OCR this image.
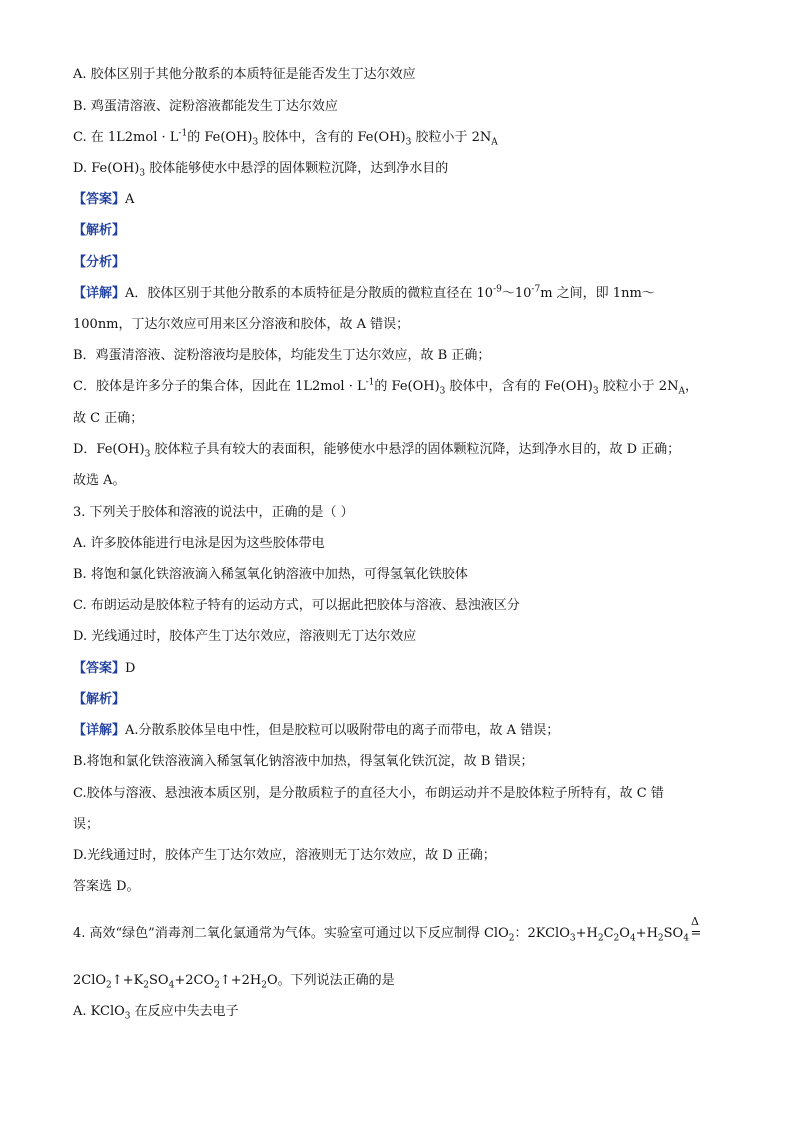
A. 胶体区别于其他分散系的本质特征是能否发生丁达尔效应
B. 鸡蛋清溶液、淀粉溶液都能发生丁达尔效应
C. 在 $1L2mol \cdot L^{-1}$的 $Fe(OH)_3$ 胶体中，含有的 $Fe(OH)_3$ 胶粒小于 $2N_A$
D. $Fe(OH)_3$ 胶体能够使水中悬浮的固体颗粒沉降，达到净水目的
【答案】A
【解析】
【分析】
【详解】A．胶体区别于其他分散系的本质特征是分散质的微粒直径在 $10^{-9}\sim 10^{-7}m$ 之间，即 1nm～
100nm，丁达尔效应可用来区分溶液和胶体，故 A 错误；
B．鸡蛋清溶液、淀粉溶液均是胶体，均能发生丁达尔效应，故 B 正确；
C．胶体是许多分子的集合体，因此在 $1L2mol \cdot L^{-1}$的 $Fe(OH)_3$ 胶体中，含有的 $Fe(OH)_3$ 胶粒小于 $2N_A$，
故 C 正确；
D．$Fe(OH)_3$ 胶体粒子具有较大的表面积，能够使水中悬浮的固体颗粒沉降，达到净水目的，故 D 正确；
故选 A。
3. 下列关于胶体和溶液的说法中，正确的是（ ）
A. 许多胶体能进行电泳是因为这些胶体带电
B. 将饱和氯化铁溶液滴入稀氢氧化钠溶液中加热，可得氢氧化铁胶体
C. 布朗运动是胶体粒子特有的运动方式，可以据此把胶体与溶液、悬浊液区分
D. 光线通过时，胶体产生丁达尔效应，溶液则无丁达尔效应
【答案】D
【解析】
【详解】A.分散系胶体呈电中性，但是胶粒可以吸附带电的离子而带电，故 A 错误；
B.将饱和氯化铁溶液滴入稀氢氧化钠溶液中加热，得氢氧化铁沉淀，故 B 错误；
C.胶体与溶液、悬浊液本质区别，是分散质粒子的直径大小，布朗运动并不是胶体粒子所特有，故 C 错
误；
D.光线通过时，胶体产生丁达尔效应，溶液则无丁达尔效应，故 D 正确；
答案选 D。
4. 高效“绿色”消毒剂二氧化氯通常为气体。实验室可通过以下反应制得 ClO$_2$：$2KClO_3+H_2C_2O_4+H_2SO_4$
Δ
=
$2ClO_2↑+K_2SO_4+2CO_2↑+2H_2O$。下列说法正确的是
A. KClO$_3$ 在反应中失去电子
